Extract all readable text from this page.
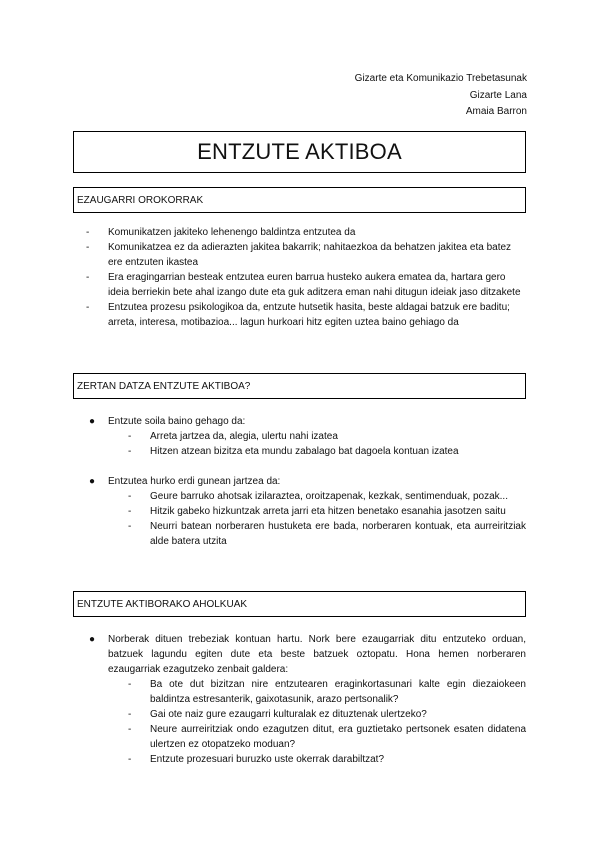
Gizarte eta Komunikazio Trebetasunak
Gizarte Lana
Amaia Barron
ENTZUTE AKTIBOA
EZAUGARRI OROKORRAK
- Komunikatzen jakiteko lehenengo baldintza entzutea da
- Komunikatzea ez da adierazten jakitea bakarrik; nahitaezkoa da behatzen jakitea eta batez ere entzuten ikastea
- Era eragingarrian besteak entzutea euren barrua husteko aukera ematea da, hartara gero ideia berriekin bete ahal izango dute eta guk aditzera eman nahi ditugun ideiak jaso ditzakete
- Entzutea prozesu psikologikoa da, entzute hutsetik hasita, beste aldagai batzuk ere baditu; arreta, interesa, motibazioa... lagun hurkoari hitz egiten uztea baino gehiago da
ZERTAN DATZA ENTZUTE AKTIBOA?
● Entzute soila baino gehago da:
- Arreta jartzea da, alegia, ulertu nahi izatea
- Hitzen atzean bizitza eta mundu zabalago bat dagoela kontuan izatea
● Entzutea hurko erdi gunean jartzea da:
- Geure barruko ahotsak izilaraztea, oroitzapenak, kezkak, sentimenduak, pozak...
- Hitzik gabeko hizkuntzak arreta jarri eta hitzen benetako esanahia jasotzen saitu
- Neurri batean norberaren hustuketa ere bada, norberaren kontuak, eta aurreiritziak alde batera utzita
ENTZUTE AKTIBORAKO AHOLKUAK
● Norberak dituen trebeziak kontuan hartu. Nork bere ezaugarriak ditu entzuteko orduan, batzuek lagundu egiten dute eta beste batzuek oztopatu. Hona hemen norberaren ezaugarriak ezagutzeko zenbait galdera:
- Ba ote dut bizitzan nire entzutearen eraginkortasunari kalte egin diezaiokeen baldintza estresanterik, gaixotasunik, arazo pertsonalik?
- Gai ote naiz gure ezaugarri kulturalak ez dituztenak ulertzeko?
- Neure aurreiritziak ondo ezagutzen ditut, era guztietako pertsonek esaten didatena ulertzen ez otopatzeko moduan?
- Entzute prozesuari buruzko uste okerrak darabiltzat?
